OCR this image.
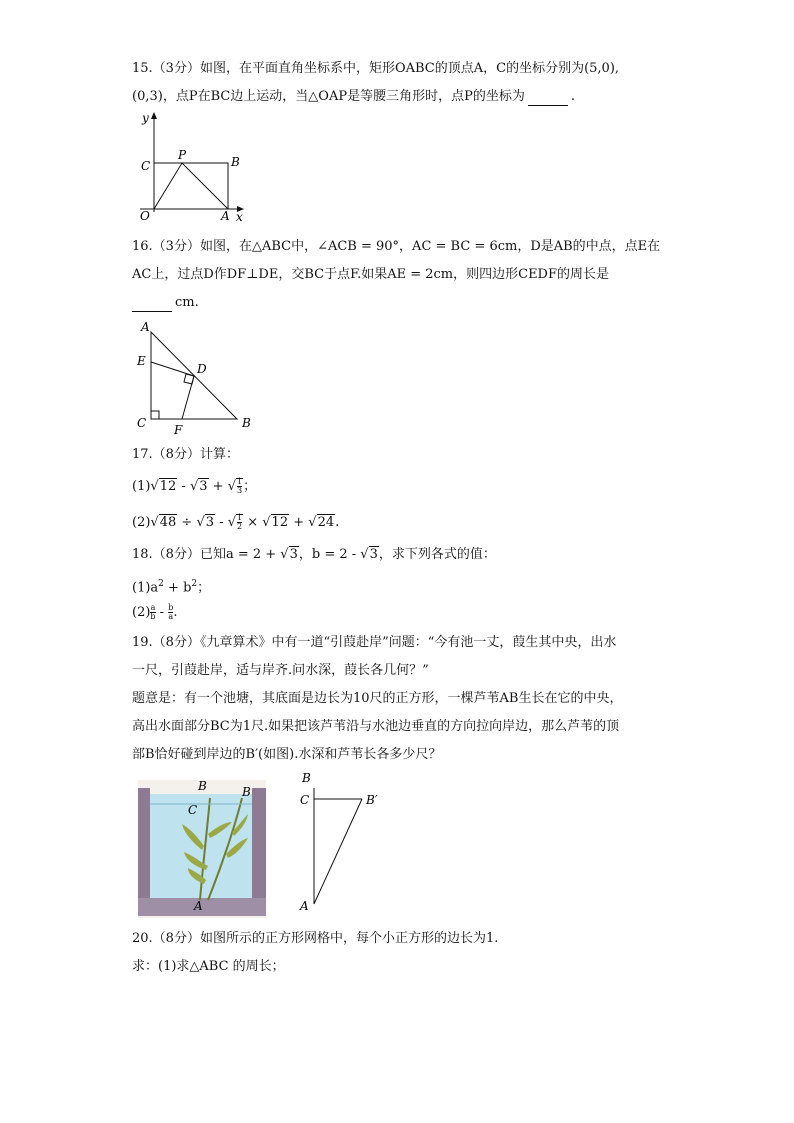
15.（3分）如图，在平面直角坐标系中，矩形OABC的顶点A，C的坐标分别为(5,0),
(0,3)，点P在BC边上运动，当△OAP是等腰三角形时，点P的坐标为	.
y
x
O	A
B
C
P
16.（3分）如图，在△ABC中，∠ACB = 90°，AC = BC = 6cm，D是AB的中点，点E在
AC上，过点D作DF⊥DE，交BC于点F.如果AE = 2cm，则四边形CEDF的周长是
cm.
A
E
D
C F	B
17.（8分）计算：
(1)√12 - √3 + √ $\frac{1}{3}$ ；
(2)√48 ÷ √3 - √ $\frac{1}{2} \times √12 + √24$.
18.（8分）已知a = 2 + √3，b = 2 - √3，求下列各式的值：
$(1)a^2 + b^2$；
$(2) \frac{a}{b} - \frac{b}{a}$ .
19.（8分）《九章算术》中有一道“引葭赴岸”问题：“今有池一丈，葭生其中央，出水
一尺，引葭赴岸，适与岸齐.问水深，葭长各几何？”
题意是：有一个池塘，其底面是边长为10尺的正方形，一棵芦苇AB生长在它的中央，
高出水面部分BC为1尺.如果把该芦苇沿与水池边垂直的方向拉向岸边，那么芦苇的顶
部B恰好碰到岸边的B′(如图).水深和芦苇长各多少尺？
B
C
B
A
B
C	B′
A
20.（8分）如图所示的正方形网格中，每个小正方形的边长为1.
求：(1)求△ABC 的周长；
